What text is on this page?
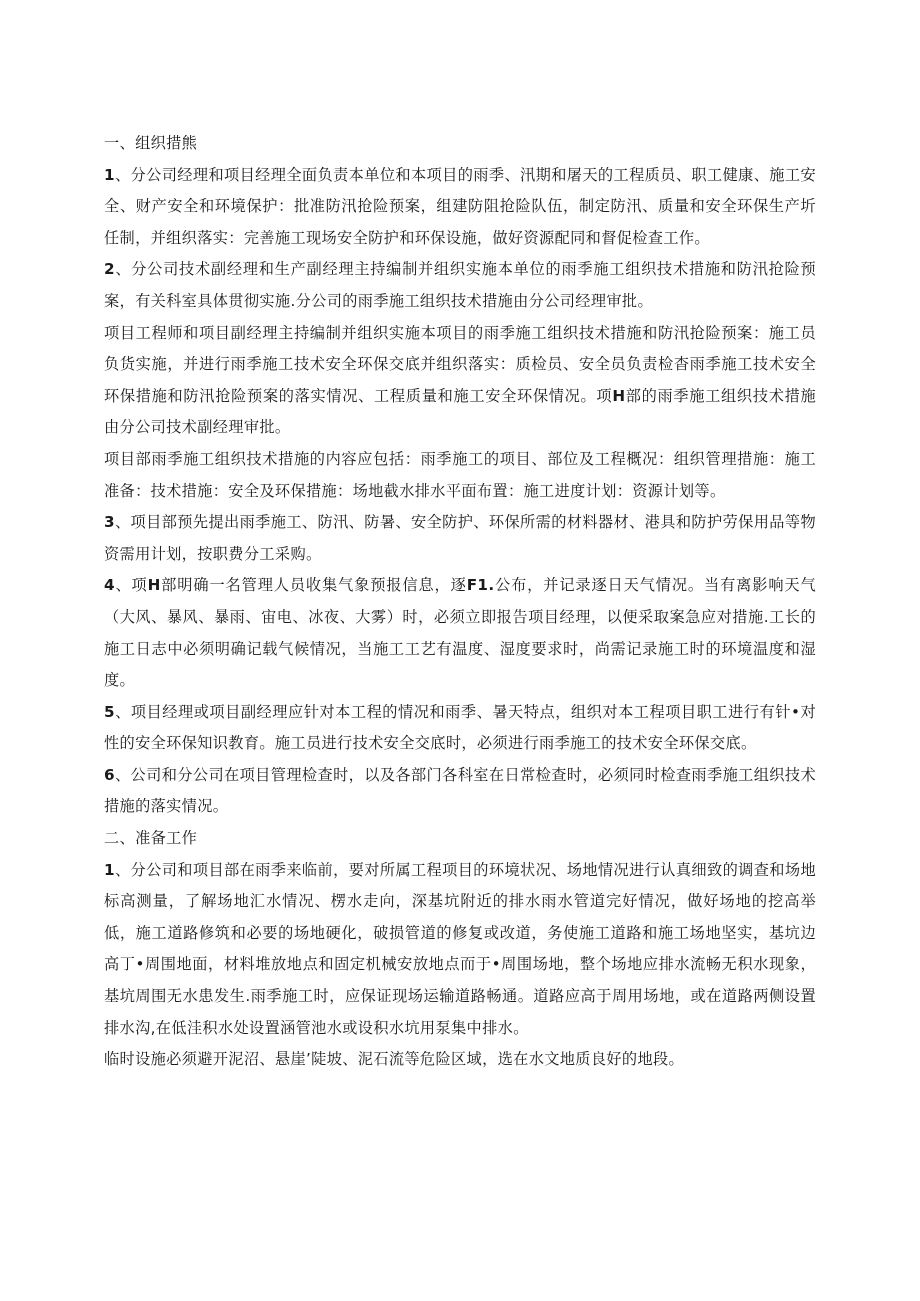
一、组织措熊

1、分公司经理和项目经理全面负责本单位和本项目的雨季、汛期和屠天的工程质员、职工健康、施工安全、财产安全和环境保护：批准防汛抢险预案，组建防阻抢险队伍，制定防汛、质量和安全环保生产圻任制，并组织落实：完善施工现场安全防护和环保设施，做好资源配同和督促检查工作。

2、分公司技术副经理和生产副经理主持编制并组织实施本单位的雨季施工组织技术措施和防汛抢险预案，有关科室具体贯彻实施.分公司的雨季施工组织技术措施由分公司经理审批。

项目工程师和项目副经理主持编制并组织实施本项目的雨季施工组织技术措施和防汛抢险预案：施工员负货实施，并进行雨季施工技术安全环保交底并组织落实：质检员、安全员负责检杳雨季施工技术安全环保措施和防汛抢险预案的落实情况、工程质量和施工安全环保情况。项H部的雨季施工组织技术措施由分公司技术副经理审批。

项目部雨季施工组织技术措施的内容应包括：雨季施工的项目、部位及工程概况：组织管理措施：施工准备：技术措施：安全及环保措施：场地截水排水平面布置：施工进度计划：资源计划等。

3、项目部预先提出雨季施工、防汛、防暑、安全防护、环保所需的材料器材、港具和防护劳保用品等物资需用计划，按职费分工采购。

4、项H部明确一名管理人员收集气象预报信息，逐F1.公布，并记录逐日天气情况。当有离影响天气（大风、暴风、暴雨、宙电、冰夜、大雾）时，必须立即报告项目经理，以便采取案急应对措施.工长的施工日志中必须明确记载气候情况，当施工工艺有温度、湿度要求时，尚需记录施工时的环境温度和湿度。

5、项目经理或项目副经理应针对本工程的情况和雨季、暑天特点，组织对本工程项目职工进行有针•对性的安全环保知识教育。施工员进行技术安全交底时，必须进行雨季施工的技术安全环保交底。

6、公司和分公司在项目管理检查时，以及各部门各科室在日常检查时，必须同时检查雨季施工组织技术措施的落实情况。

二、准备工作

1、分公司和项目部在雨季来临前，要对所属工程项目的环境状况、场地情况进行认真细致的调查和场地标高测量，了解场地汇水情况、楞水走向，深基坑附近的排水雨水管道完好情况，做好场地的挖高举低，施工道路修筑和必要的场地硬化，破损管道的修复或改道，务使施工道路和施工场地坚实，基坑边高丁•周围地面，材料堆放地点和固定机械安放地点而于•周围场地，整个场地应排水流畅无积水现象，基坑周围无水患发生.雨季施工时，应保证现场运输道路畅通。道路应高于周用场地，或在道路两侧设置排水沟,在低洼积水处设置涵管池水或设积水坑用泵集中排水。

临时设施必须避开泥沼、悬崖’陡坡、泥石流等危险区域，选在水文地质良好的地段。
